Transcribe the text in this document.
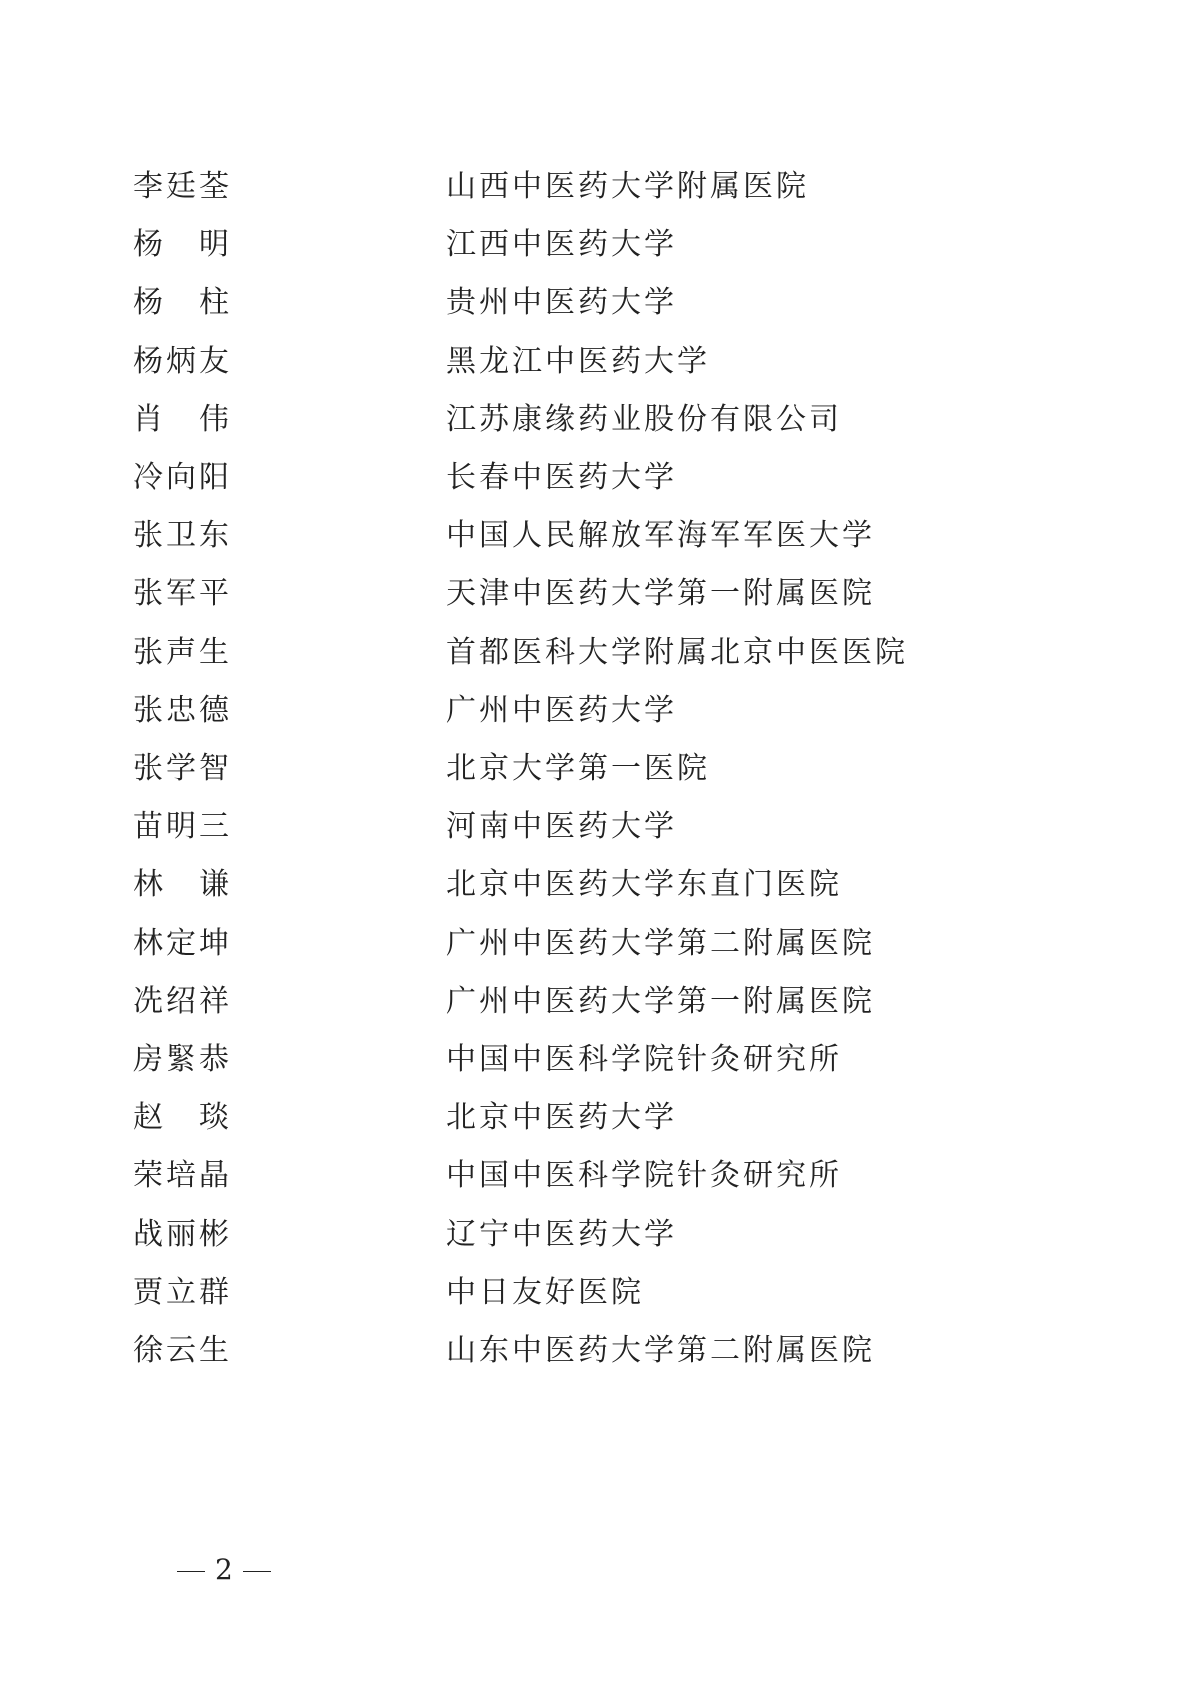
李廷荃	山西中医药大学附属医院
杨　明	江西中医药大学
杨　柱	贵州中医药大学
杨炳友	黑龙江中医药大学
肖　伟	江苏康缘药业股份有限公司
冷向阳	长春中医药大学
张卫东	中国人民解放军海军军医大学
张军平	天津中医药大学第一附属医院
张声生	首都医科大学附属北京中医医院
张忠德	广州中医药大学
张学智	北京大学第一医院
苗明三	河南中医药大学
林　谦	北京中医药大学东直门医院
林定坤	广州中医药大学第二附属医院
冼绍祥	广州中医药大学第一附属医院
房緊恭	中国中医科学院针灸研究所
赵　琰	北京中医药大学
荣培晶	中国中医科学院针灸研究所
战丽彬	辽宁中医药大学
贾立群	中日友好医院
徐云生	山东中医药大学第二附属医院
2
